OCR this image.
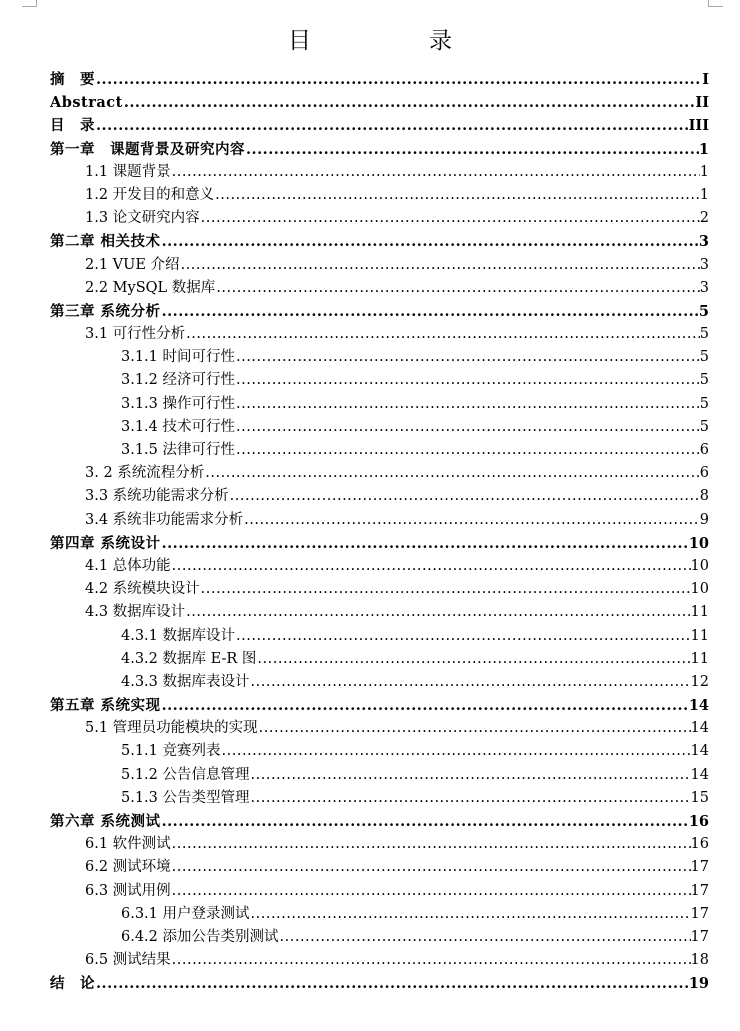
目　　录
摘　要 .....	I
Abstract .....	II
目　录 .....	III
第一章　课题背景及研究内容 .....	1
1.1 课题背景 .....	1
1.2 开发目的和意义 .....	1
1.3 论文研究内容 .....	2
第二章 相关技术 .....	3
2.1 VUE 介绍 .....	3
2.2 MySQL 数据库 .....	3
第三章 系统分析 .....	5
3.1 可行性分析 .....	5
3.1.1 时间可行性 .....	5
3.1.2 经济可行性 .....	5
3.1.3 操作可行性 .....	5
3.1.4 技术可行性 .....	5
3.1.5 法律可行性 .....	6
3. 2 系统流程分析 .....	6
3.3 系统功能需求分析 .....	8
3.4 系统非功能需求分析 .....	9
第四章 系统设计 .....	10
4.1 总体功能 .....	10
4.2 系统模块设计 .....	10
4.3 数据库设计 .....	11
4.3.1 数据库设计 .....	11
4.3.2 数据库 E-R 图 .....	11
4.3.3 数据库表设计 .....	12
第五章 系统实现 .....	14
5.1 管理员功能模块的实现 .....	14
5.1.1 竞赛列表 .....	14
5.1.2 公告信息管理 .....	14
5.1.3 公告类型管理 .....	15
第六章 系统测试 .....	16
6.1 软件测试 .....	16
6.2 测试环境 .....	17
6.3 测试用例 .....	17
6.3.1 用户登录测试 .....	17
6.4.2 添加公告类别测试 .....	17
6.5 测试结果 .....	18
结　论 .....	19
